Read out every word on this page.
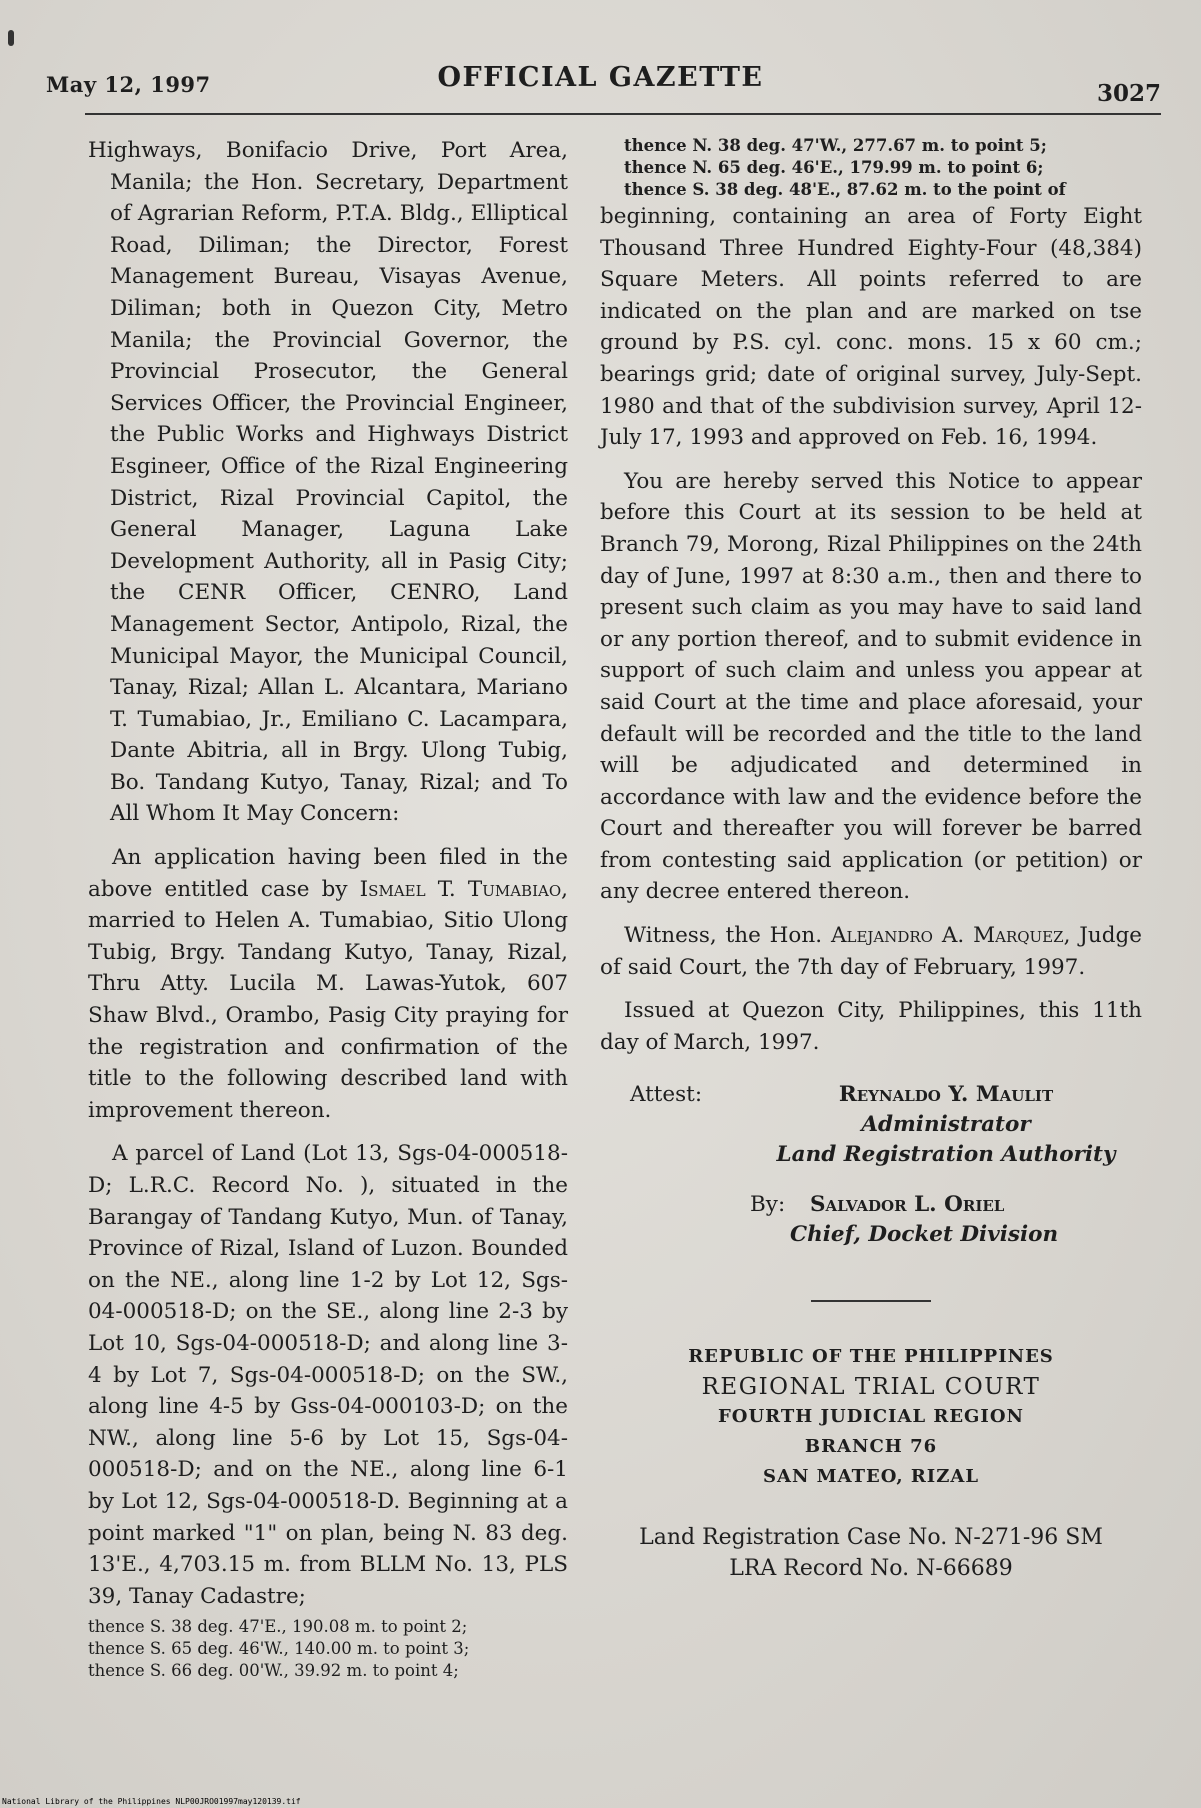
May 12, 1997	OFFICIAL GAZETTE
3027

Highways, Bonifacio Drive, Port Area, Manila; the Hon. Secretary, Department of Agrarian Reform, P.T.A. Bldg., Elliptical Road, Diliman; the Director, Forest Management Bureau, Visayas Avenue, Diliman; both in Quezon City, Metro Manila; the Provincial Governor, the Provincial Prosecutor, the General Services Officer, the Provincial Engineer, the Public Works and Highways District Esgineer, Office of the Rizal Engineering District, Rizal Provincial Capitol, the General Manager, Laguna Lake Development Authority, all in Pasig City; the CENR Officer, CENRO, Land Management Sector, Antipolo, Rizal, the Municipal Mayor, the Municipal Council, Tanay, Rizal; Allan L. Alcantara, Mariano T. Tumabiao, Jr., Emiliano C. Lacampara, Dante Abitria, all in Brgy. Ulong Tubig, Bo. Tandang Kutyo, Tanay, Rizal; and To All Whom It May Concern:

An application having been filed in the above entitled case by Ismael T. Tumabiao, married to Helen A. Tumabiao, Sitio Ulong Tubig, Brgy. Tandang Kutyo, Tanay, Rizal, Thru Atty. Lucila M. Lawas-Yutok, 607 Shaw Blvd., Orambo, Pasig City praying for the registration and confirmation of the title to the following described land with improvement thereon.

A parcel of Land (Lot 13, Sgs-04-000518-D; L.R.C. Record No. ), situated in the Barangay of Tandang Kutyo, Mun. of Tanay, Province of Rizal, Island of Luzon. Bounded on the NE., along line 1-2 by Lot 12, Sgs-04-000518-D; on the SE., along line 2-3 by Lot 10, Sgs-04-000518-D; and along line 3-4 by Lot 7, Sgs-04-000518-D; on the SW., along line 4-5 by Gss-04-000103-D; on the NW., along line 5-6 by Lot 15, Sgs-04-000518-D; and on the NE., along line 6-1 by Lot 12, Sgs-04-000518-D. Beginning at a point marked "1" on plan, being N. 83 deg. 13'E., 4,703.15 m. from BLLM No. 13, PLS 39, Tanay Cadastre;

thence S. 38 deg. 47'E., 190.08 m. to point 2;
thence S. 65 deg. 46'W., 140.00 m. to point 3;
thence S. 66 deg. 00'W., 39.92 m. to point 4;
thence N. 38 deg. 47'W., 277.67 m. to point 5;
thence N. 65 deg. 46'E., 179.99 m. to point 6;
thence S. 38 deg. 48'E., 87.62 m. to the point of

beginning, containing an area of Forty Eight Thousand Three Hundred Eighty-Four (48,384) Square Meters. All points referred to are indicated on the plan and are marked on tse ground by P.S. cyl. conc. mons. 15 x 60 cm.; bearings grid; date of original survey, July-Sept. 1980 and that of the subdivision survey, April 12-July 17, 1993 and approved on Feb. 16, 1994.

You are hereby served this Notice to appear before this Court at its session to be held at Branch 79, Morong, Rizal Philippines on the 24th day of June, 1997 at 8:30 a.m., then and there to present such claim as you may have to said land or any portion thereof, and to submit evidence in support of such claim and unless you appear at said Court at the time and place aforesaid, your default will be recorded and the title to the land will be adjudicated and determined in accordance with law and the evidence before the Court and thereafter you will forever be barred from contesting said application (or petition) or any decree entered thereon.

Witness, the Hon. Alejandro A. Marquez, Judge of said Court, the 7th day of February, 1997.

Issued at Quezon City, Philippines, this 11th day of March, 1997.

Attest:	Reynaldo Y. Maulit
Administrator
Land Registration Authority
By: Salvador L. Oriel
Chief, Docket Division
REPUBLIC OF THE PHILIPPINES
REGIONAL TRIAL COURT
FOURTH JUDICIAL REGION
BRANCH 76
SAN MATEO, RIZAL
Land Registration Case No. N-271-96 SM
LRA Record No. N-66689
National Library of the Philippines NLP00JRO01997may120139.tif
